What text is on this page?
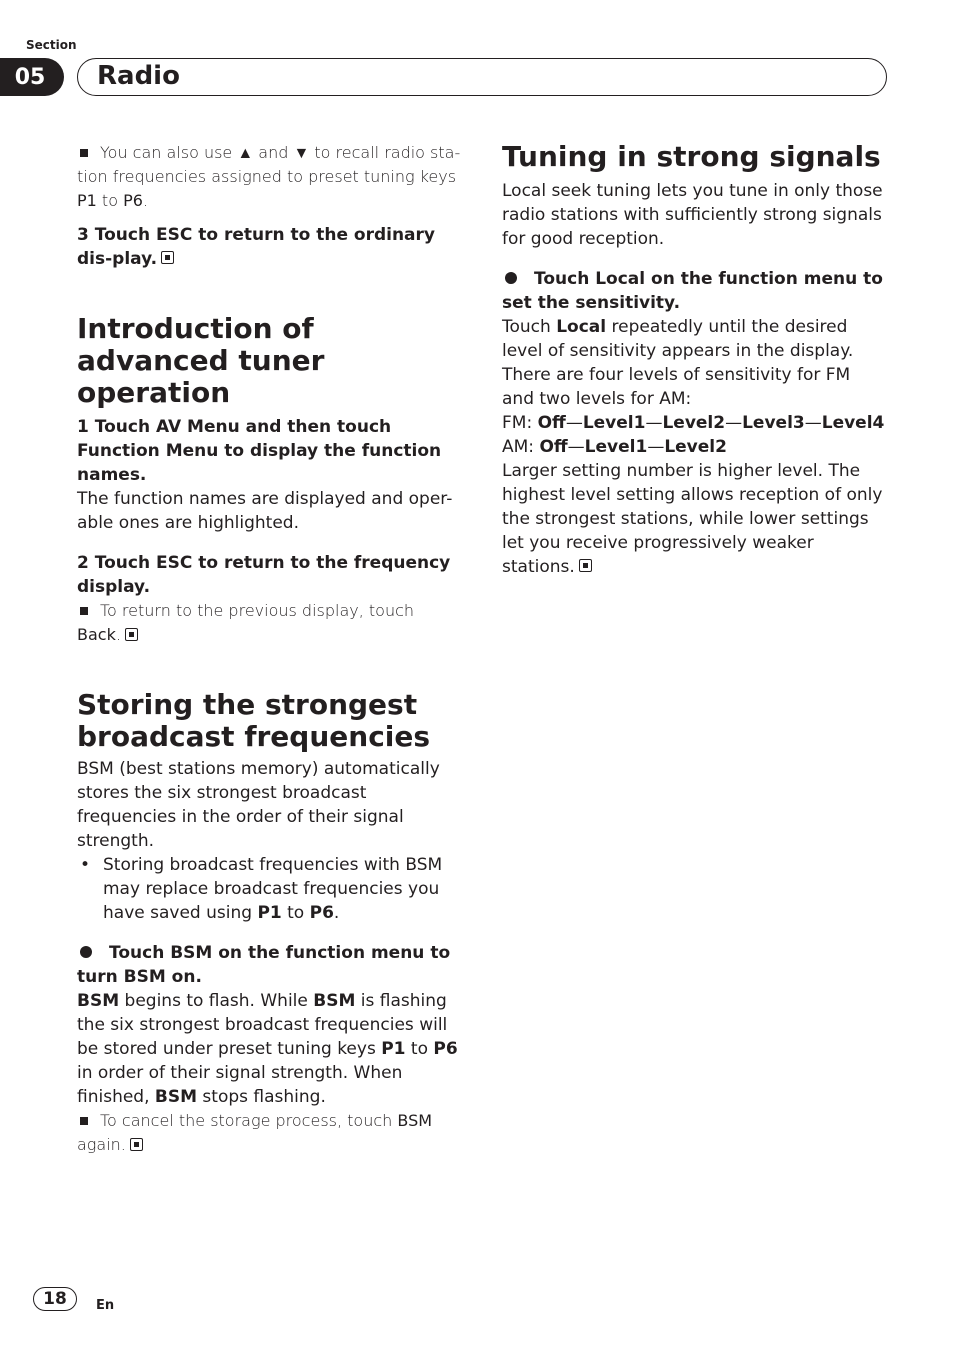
Section
05	Radio

You can also use ▲ and ▼ to recall radio sta-tion frequencies assigned to preset tuning keys P1 to P6.

3 Touch ESC to return to the ordinary dis-play.

Introduction of advanced tuner operation

1 Touch AV Menu and then touch Function Menu to display the function names.

The function names are displayed and oper-able ones are highlighted.

2 Touch ESC to return to the frequency display.

To return to the previous display, touch Back.

Storing the strongest broadcast frequencies

BSM (best stations memory) automatically stores the six strongest broadcast frequencies in the order of their signal strength.

• Storing broadcast frequencies with BSM may replace broadcast frequencies you have saved using P1 to P6.

Touch BSM on the function menu to turn BSM on.

BSM begins to flash. While BSM is flashing the six strongest broadcast frequencies will be stored under preset tuning keys P1 to P6 in order of their signal strength. When finished, BSM stops flashing.

To cancel the storage process, touch BSM again.

Tuning in strong signals

Local seek tuning lets you tune in only those radio stations with sufficiently strong signals for good reception.

Touch Local on the function menu to set the sensitivity.

Touch Local repeatedly until the desired level of sensitivity appears in the display.

There are four levels of sensitivity for FM and two levels for AM:

FM: Off—Level1—Level2—Level3—Level4

AM: Off—Level1—Level2

Larger setting number is higher level. The highest level setting allows reception of only the strongest stations, while lower settings let you receive progressively weaker stations.

18	En
